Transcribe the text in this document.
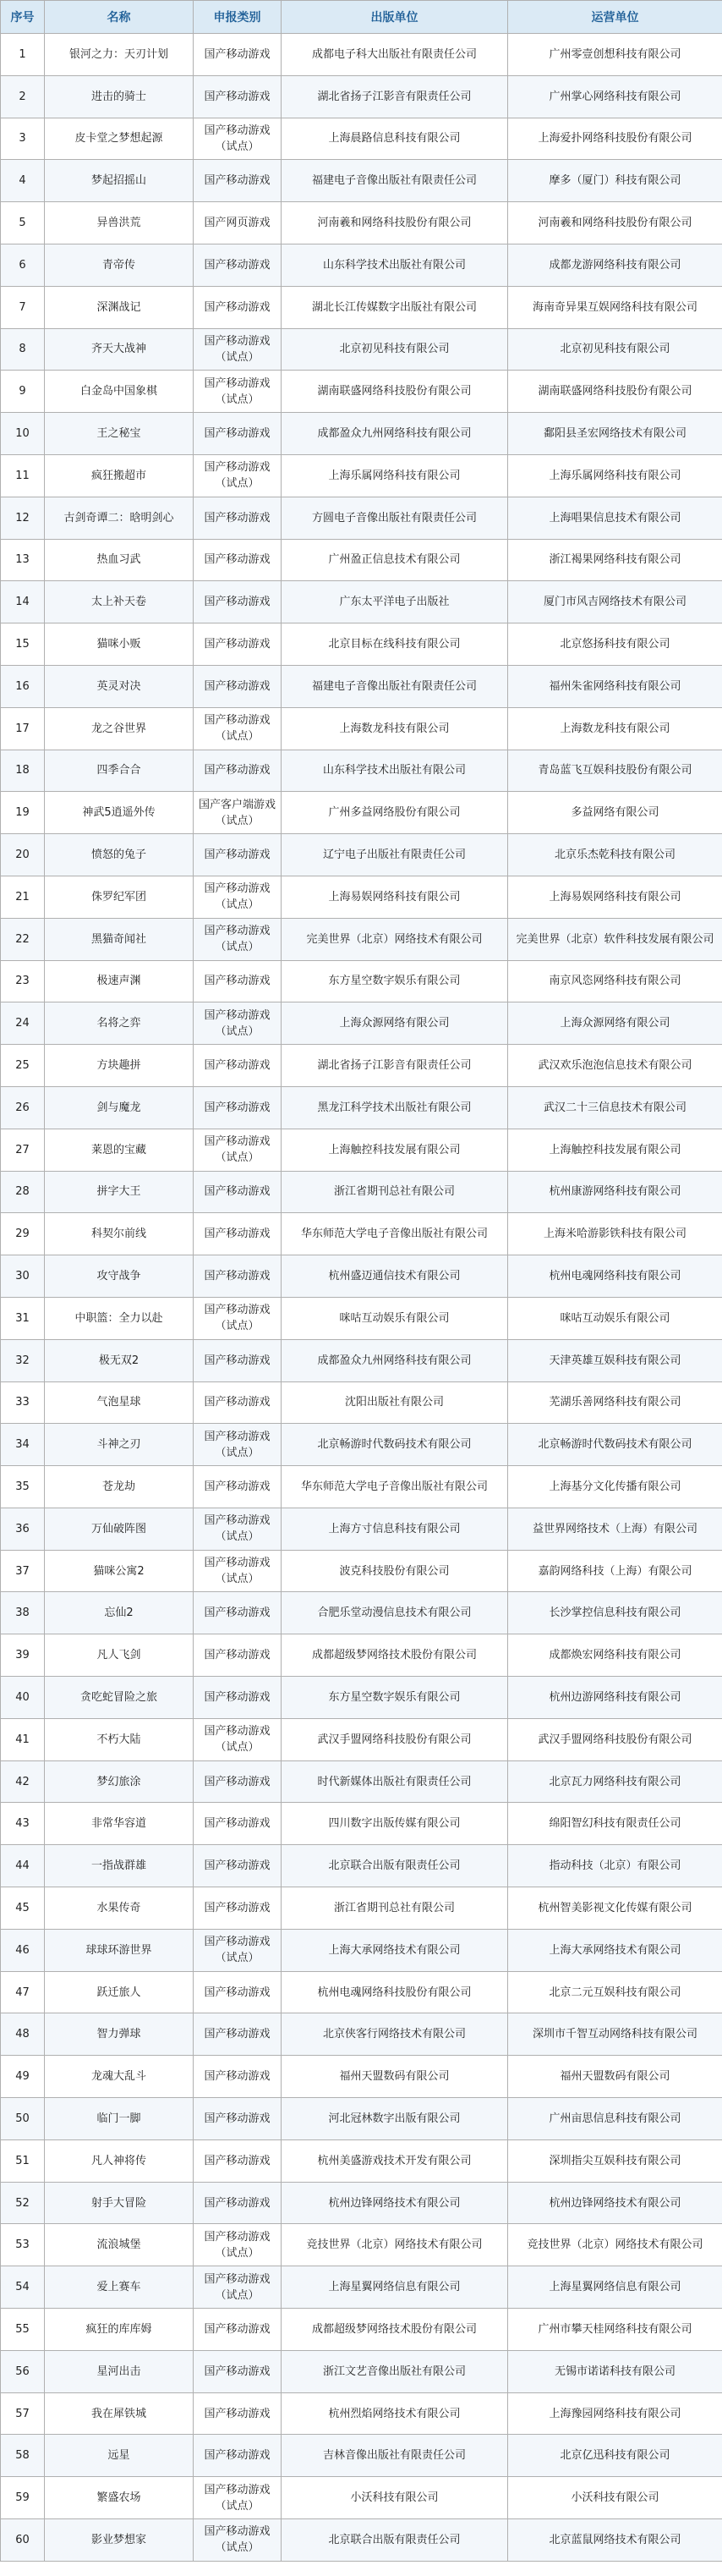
序号	名称	申报类别	出版单位	运营单位
1	银河之力：天刃计划	国产移动游戏	成都电子科大出版社有限责任公司	广州零壹创想科技有限公司
2	进击的骑士	国产移动游戏	湖北省扬子江影音有限责任公司	广州掌心网络科技有限公司
3	皮卡堂之梦想起源	国产移动游戏（试点）	上海晨路信息科技有限公司	上海爱扑网络科技股份有限公司
4	梦起招摇山	国产移动游戏	福建电子音像出版社有限责任公司	摩多（厦门）科技有限公司
5	异兽洪荒	国产网页游戏	河南羲和网络科技股份有限公司	河南羲和网络科技股份有限公司
6	青帝传	国产移动游戏	山东科学技术出版社有限公司	成都龙游网络科技有限公司
7	深渊战记	国产移动游戏	湖北长江传媒数字出版社有限公司	海南奇异果互娱网络科技有限公司
8	齐天大战神	国产移动游戏（试点）	北京初见科技有限公司	北京初见科技有限公司
9	白金岛中国象棋	国产移动游戏（试点）	湖南联盛网络科技股份有限公司	湖南联盛网络科技股份有限公司
10	王之秘宝	国产移动游戏	成都盈众九州网络科技有限公司	鄱阳县圣宏网络技术有限公司
11	疯狂搬超市	国产移动游戏（试点）	上海乐属网络科技有限公司	上海乐属网络科技有限公司
12	古剑奇谭二：晗明剑心	国产移动游戏	方圆电子音像出版社有限责任公司	上海唱果信息技术有限公司
13	热血习武	国产移动游戏	广州盈正信息技术有限公司	浙江褐果网络科技有限公司
14	太上补天卷	国产移动游戏	广东太平洋电子出版社	厦门市风吉网络技术有限公司
15	猫咪小贩	国产移动游戏	北京目标在线科技有限公司	北京悠扬科技有限公司
16	英灵对决	国产移动游戏	福建电子音像出版社有限责任公司	福州朱雀网络科技有限公司
17	龙之谷世界	国产移动游戏（试点）	上海数龙科技有限公司	上海数龙科技有限公司
18	四季合合	国产移动游戏	山东科学技术出版社有限公司	青岛蓝飞互娱科技股份有限公司
19	神武5逍遥外传	国产客户端游戏（试点）	广州多益网络股份有限公司	多益网络有限公司
20	愤怒的兔子	国产移动游戏	辽宁电子出版社有限责任公司	北京乐杰乾科技有限公司
21	侏罗纪军团	国产移动游戏（试点）	上海易娱网络科技有限公司	上海易娱网络科技有限公司
22	黑猫奇闻社	国产移动游戏（试点）	完美世界（北京）网络技术有限公司	完美世界（北京）软件科技发展有限公司
23	极速声渊	国产移动游戏	东方星空数字娱乐有限公司	南京风恣网络科技有限公司
24	名将之弈	国产移动游戏（试点）	上海众源网络有限公司	上海众源网络有限公司
25	方块趣拼	国产移动游戏	湖北省扬子江影音有限责任公司	武汉欢乐泡泡信息技术有限公司
26	剑与魔龙	国产移动游戏	黑龙江科学技术出版社有限公司	武汉二十三信息技术有限公司
27	莱恩的宝藏	国产移动游戏（试点）	上海触控科技发展有限公司	上海触控科技发展有限公司
28	拼字大王	国产移动游戏	浙江省期刊总社有限公司	杭州康游网络科技有限公司
29	科契尔前线	国产移动游戏	华东师范大学电子音像出版社有限公司	上海米哈游影铁科技有限公司
30	攻守战争	国产移动游戏	杭州盛迈通信技术有限公司	杭州电魂网络科技有限公司
31	中职篮：全力以赴	国产移动游戏（试点）	咪咕互动娱乐有限公司	咪咕互动娱乐有限公司
32	极无双2	国产移动游戏	成都盈众九州网络科技有限公司	天津英雄互娱科技有限公司
33	气泡星球	国产移动游戏	沈阳出版社有限公司	芜湖乐善网络科技有限公司
34	斗神之刃	国产移动游戏（试点）	北京畅游时代数码技术有限公司	北京畅游时代数码技术有限公司
35	苍龙劫	国产移动游戏	华东师范大学电子音像出版社有限公司	上海基分文化传播有限公司
36	万仙破阵图	国产移动游戏（试点）	上海方寸信息科技有限公司	益世界网络技术（上海）有限公司
37	猫咪公寓2	国产移动游戏（试点）	波克科技股份有限公司	嘉韵网络科技（上海）有限公司
38	忘仙2	国产移动游戏	合肥乐堂动漫信息技术有限公司	长沙掌控信息科技有限公司
39	凡人飞剑	国产移动游戏	成都超级梦网络技术股份有限公司	成都焕宏网络科技有限公司
40	贪吃蛇冒险之旅	国产移动游戏	东方星空数字娱乐有限公司	杭州边游网络科技有限公司
41	不朽大陆	国产移动游戏（试点）	武汉手盟网络科技股份有限公司	武汉手盟网络科技股份有限公司
42	梦幻旅涂	国产移动游戏	时代新媒体出版社有限责任公司	北京瓦力网络科技有限公司
43	非常华容道	国产移动游戏	四川数字出版传媒有限公司	绵阳智幻科技有限责任公司
44	一指战群雄	国产移动游戏	北京联合出版有限责任公司	指动科技（北京）有限公司
45	水果传奇	国产移动游戏	浙江省期刊总社有限公司	杭州智美影视文化传媒有限公司
46	球球环游世界	国产移动游戏（试点）	上海大承网络技术有限公司	上海大承网络技术有限公司
47	跃迁旅人	国产移动游戏	杭州电魂网络科技股份有限公司	北京二元互娱科技有限公司
48	智力弹球	国产移动游戏	北京侠客行网络技术有限公司	深圳市千智互动网络科技有限公司
49	龙魂大乱斗	国产移动游戏	福州天盟数码有限公司	福州天盟数码有限公司
50	临门一脚	国产移动游戏	河北冠林数字出版有限公司	广州亩思信息科技有限公司
51	凡人神将传	国产移动游戏	杭州美盛游戏技术开发有限公司	深圳指尖互娱科技有限公司
52	射手大冒险	国产移动游戏	杭州边锋网络技术有限公司	杭州边锋网络技术有限公司
53	流浪城堡	国产移动游戏（试点）	竞技世界（北京）网络技术有限公司	竞技世界（北京）网络技术有限公司
54	爱上赛车	国产移动游戏（试点）	上海星翼网络信息有限公司	上海星翼网络信息有限公司
55	疯狂的库库姆	国产移动游戏	成都超级梦网络技术股份有限公司	广州市攀天桂网络科技有限公司
56	星河出击	国产移动游戏	浙江文艺音像出版社有限公司	无锡市诺诺科技有限公司
57	我在犀铁城	国产移动游戏	杭州烈焰网络技术有限公司	上海豫园网络科技有限公司
58	远星	国产移动游戏	吉林音像出版社有限责任公司	北京亿迅科技有限公司
59	繁盛农场	国产移动游戏（试点）	小沃科技有限公司	小沃科技有限公司
60	影业梦想家	国产移动游戏（试点）	北京联合出版有限责任公司	北京蓝鼠网络技术有限公司
